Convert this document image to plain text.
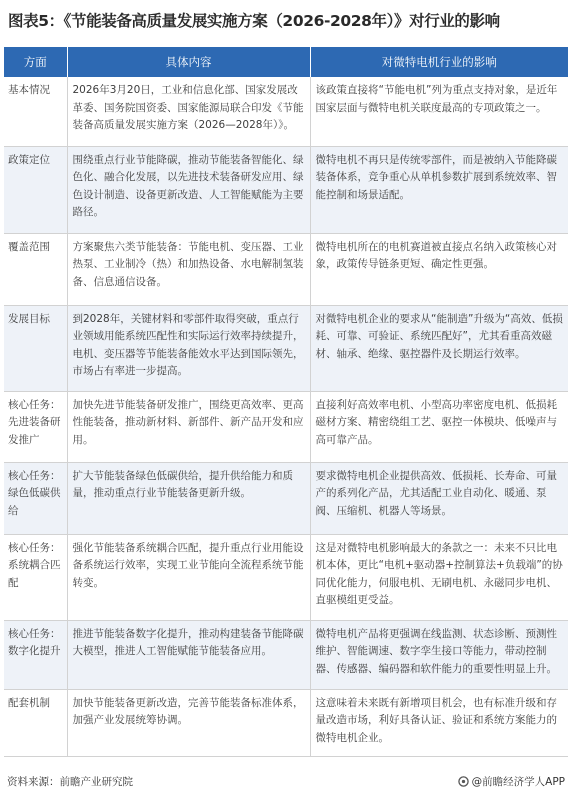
图表5：《节能装备高质量发展实施方案（2026-2028年）》对行业的影响
方面	具体内容	对微特电机行业的影响
基本情况	2026年3月20日，工业和信息化部、国家发展改革委、国务院国资委、国家能源局联合印发《节能装备高质量发展实施方案（2026—2028年）》。	该政策直接将“节能电机”列为重点支持对象，是近年国家层面与微特电机关联度最高的专项政策之一。
政策定位	围绕重点行业节能降碳，推动节能装备智能化、绿色化、融合化发展，以先进技术装备研发应用、绿色设计制造、设备更新改造、人工智能赋能为主要路径。	微特电机不再只是传统零部件，而是被纳入节能降碳装备体系，竞争重心从单机参数扩展到系统效率、智能控制和场景适配。
覆盖范围	方案聚焦六类节能装备：节能电机、变压器、工业热泵、工业制冷（热）和加热设备、水电解制氢装备、信息通信设备。	微特电机所在的电机赛道被直接点名纳入政策核心对象，政策传导链条更短、确定性更强。
发展目标	到2028年，关键材料和零部件取得突破，重点行业领域用能系统匹配性和实际运行效率持续提升，电机、变压器等节能装备能效水平达到国际领先，市场占有率进一步提高。	对微特电机企业的要求从“能制造”升级为“高效、低损耗、可靠、可验证、系统匹配好”，尤其看重高效磁材、轴承、绝缘、驱控器件及长期运行效率。
核心任务：先进装备研发推广	加快先进节能装备研发推广，围绕更高效率、更高性能装备，推动新材料、新部件、新产品开发和应用。	直接利好高效率电机、小型高功率密度电机、低损耗磁材方案、精密绕组工艺、驱控一体模块、低噪声与高可靠产品。
核心任务：绿色低碳供给	扩大节能装备绿色低碳供给，提升供给能力和质量，推动重点行业节能装备更新升级。	要求微特电机企业提供高效、低损耗、长寿命、可量产的系列化产品，尤其适配工业自动化、暖通、泵阀、压缩机、机器人等场景。
核心任务：系统耦合匹配	强化节能装备系统耦合匹配，提升重点行业用能设备系统运行效率，实现工业节能向全流程系统节能转变。	这是对微特电机影响最大的条款之一：未来不只比电机本体，更比“电机+驱动器+控制算法+负载端”的协同优化能力，伺服电机、无刷电机、永磁同步电机、直驱模组更受益。
核心任务：数字化提升	推进节能装备数字化提升，推动构建装备节能降碳大模型，推进人工智能赋能节能装备应用。	微特电机产品将更强调在线监测、状态诊断、预测性维护、智能调速、数字孪生接口等能力，带动控制器、传感器、编码器和软件能力的重要性明显上升。
配套机制	加快节能装备更新改造，完善节能装备标准体系，加强产业发展统筹协调。	这意味着未来既有新增项目机会，也有标准升级和存量改造市场，利好具备认证、验证和系统方案能力的微特电机企业。
资料来源：前瞻产业研究院	@前瞻经济学人APP
